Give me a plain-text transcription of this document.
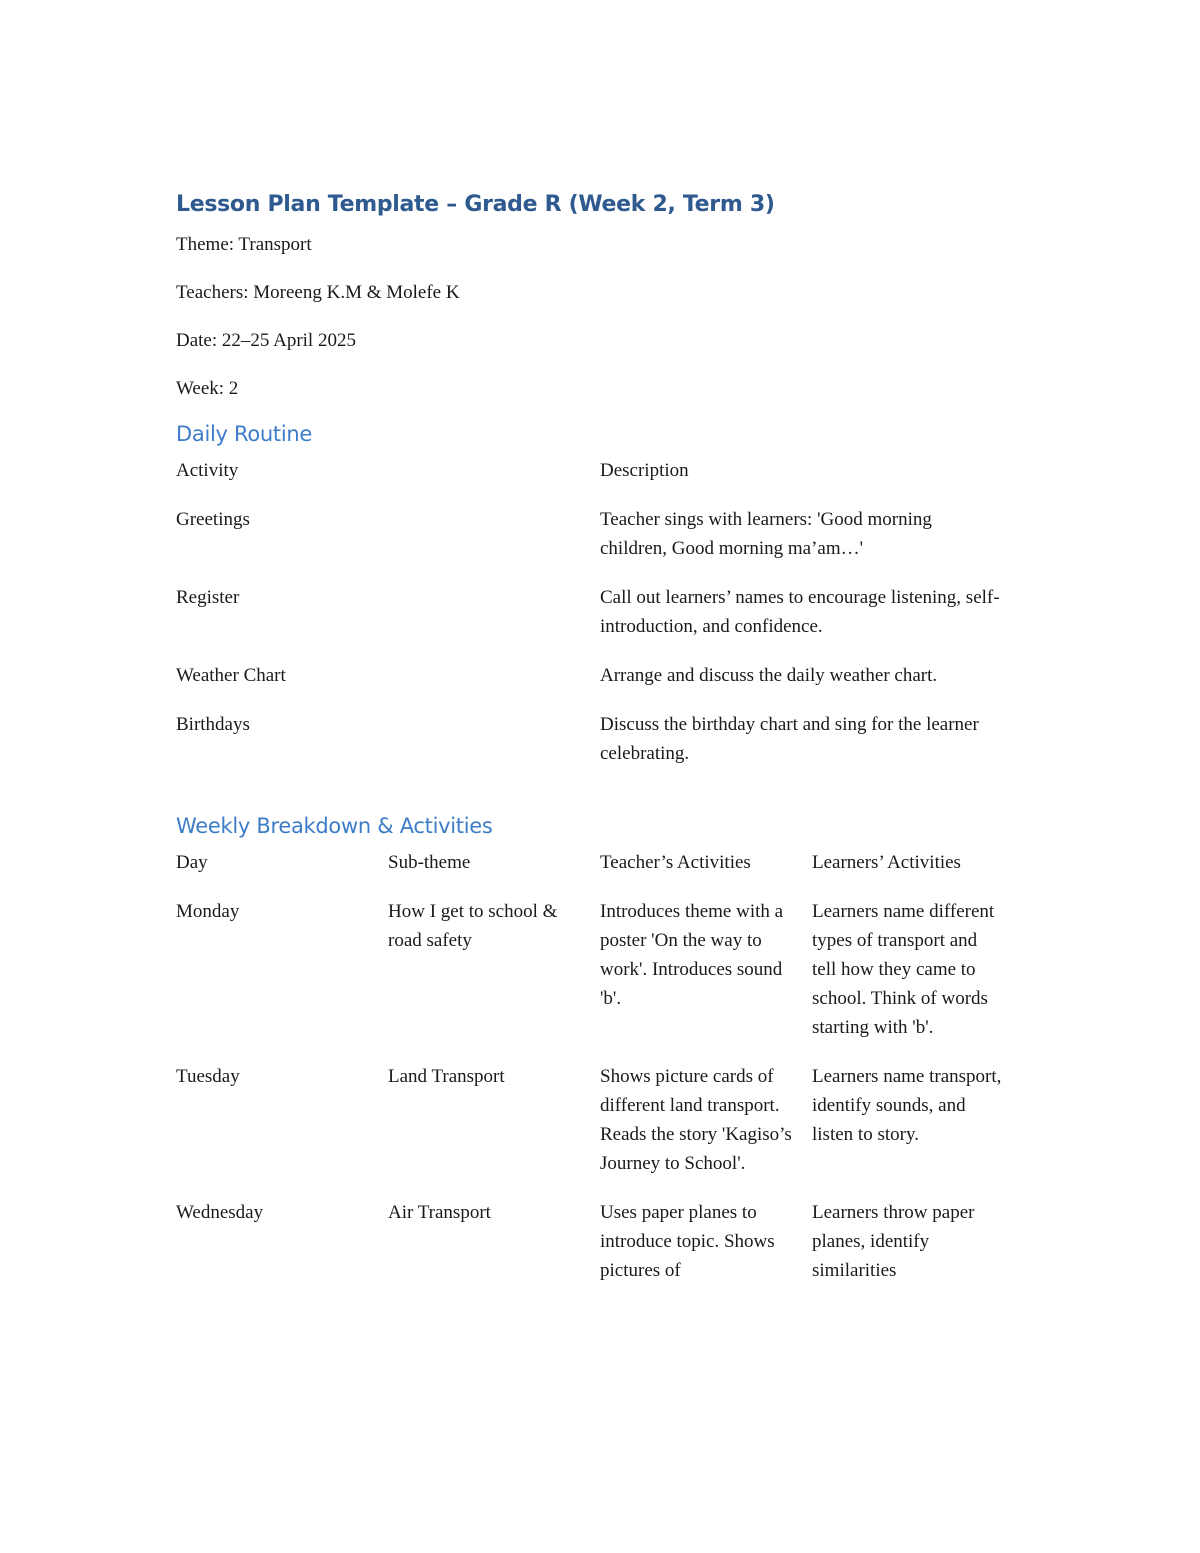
Lesson Plan Template – Grade R (Week 2, Term 3)
Theme: Transport
Teachers: Moreeng K.M & Molefe K
Date: 22–25 April 2025
Week: 2
Daily Routine
Activity	Description
Greetings	Teacher sings with learners: 'Good morning children, Good morning ma’am…'
Register	Call out learners’ names to encourage listening, self-introduction, and confidence.
Weather Chart	Arrange and discuss the daily weather chart.
Birthdays	Discuss the birthday chart and sing for the learner celebrating.
Weekly Breakdown & Activities
Day	Sub-theme	Teacher’s Activities	Learners’ Activities
Monday	How I get to school & road safety	Introduces theme with a poster 'On the way to work'. Introduces sound 'b'.	Learners name different types of transport and tell how they came to school. Think of words starting with 'b'.
Tuesday	Land Transport	Shows picture cards of different land transport. Reads the story 'Kagiso’s Journey to School'.	Learners name transport, identify sounds, and listen to story.
Wednesday	Air Transport	Uses paper planes to introduce topic. Shows pictures of	Learners throw paper planes, identify similarities
